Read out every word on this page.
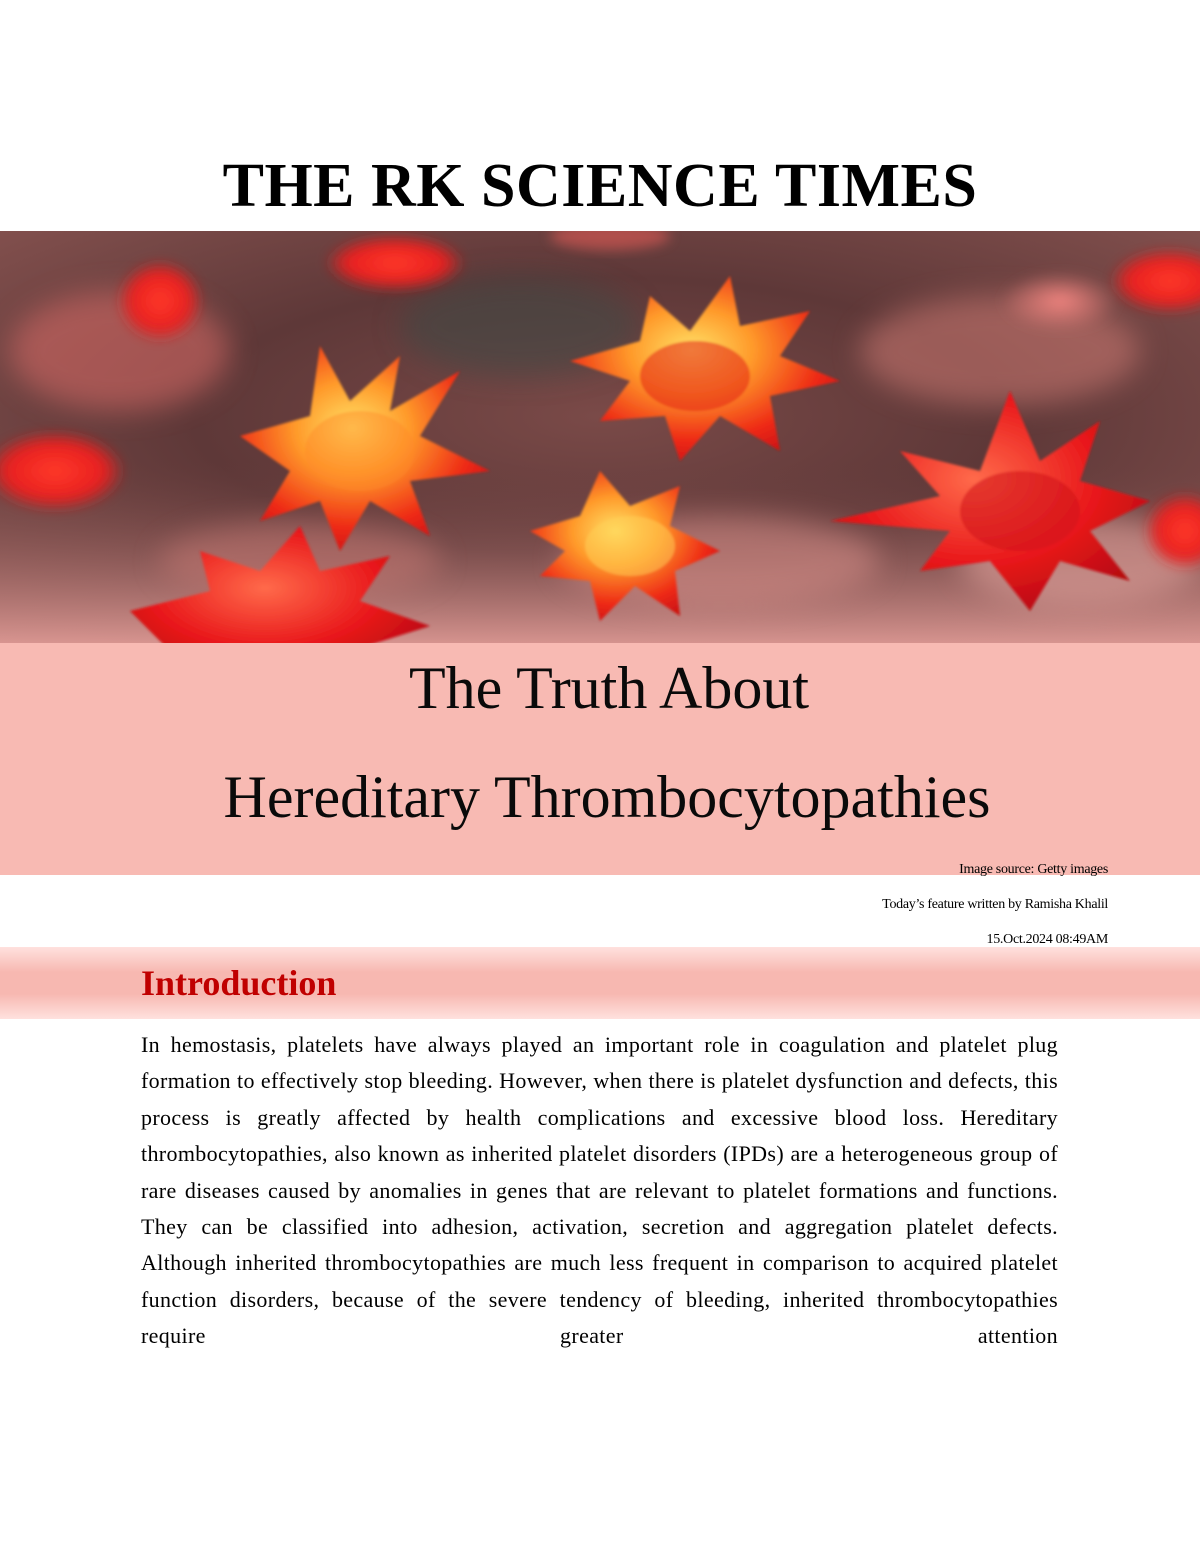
THE RK SCIENCE TIMES
The Truth About
Hereditary Thrombocytopathies
Image source: Getty images
Today’s feature written by Ramisha Khalil
15.Oct.2024 08:49AM
Introduction
In hemostasis, platelets have always played an important role in coagulation and platelet plug formation to effectively stop bleeding. However, when there is platelet dysfunction and defects, this process is greatly affected by health complications and excessive blood loss. Hereditary thrombocytopathies, also known as inherited platelet disorders (IPDs) are a heterogeneous group of rare diseases caused by anomalies in genes that are relevant to platelet formations and functions. They can be classified into adhesion, activation, secretion and aggregation platelet defects. Although inherited thrombocytopathies are much less frequent in comparison to acquired platelet function disorders, because of the severe tendency of bleeding, inherited thrombocytopathies require greater attention
